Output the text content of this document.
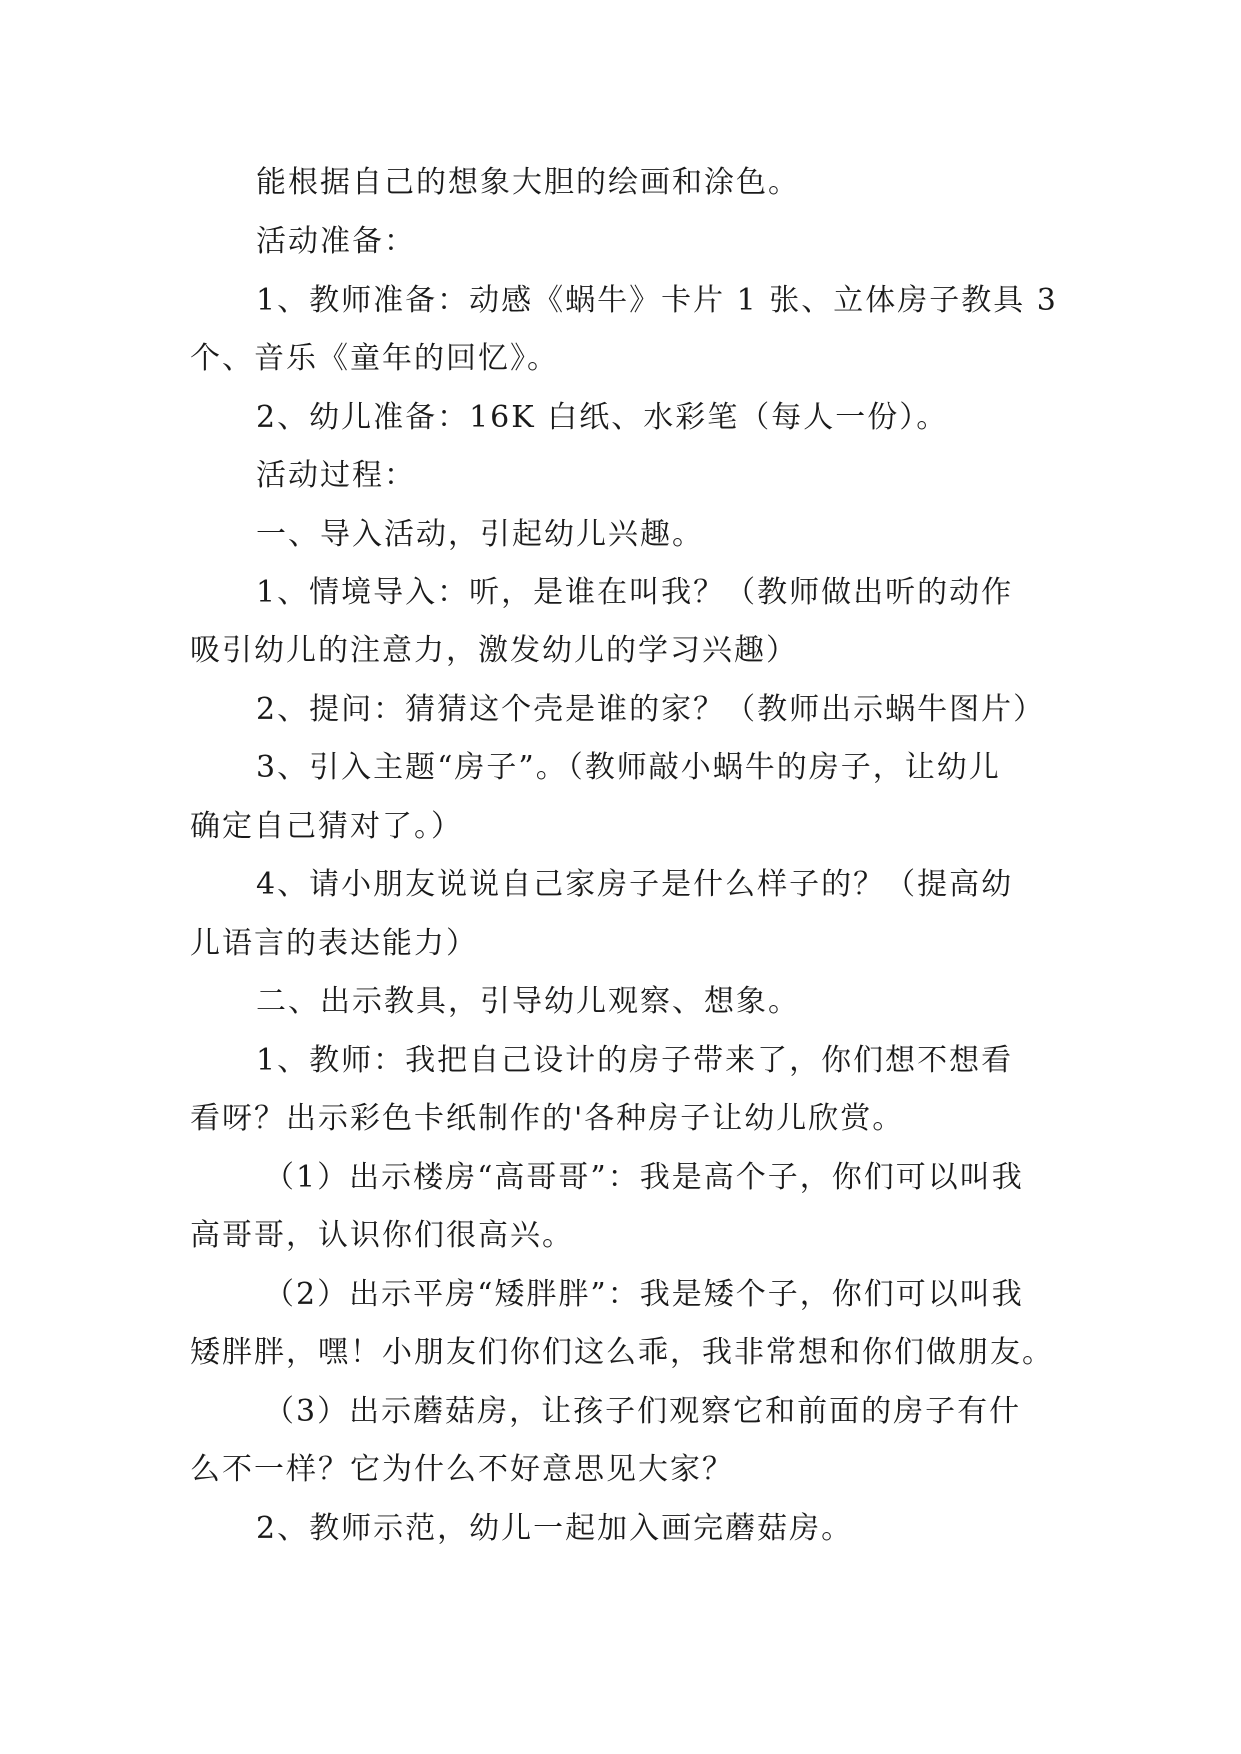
能根据自己的想象大胆的绘画和涂色。
活动准备：
1、教师准备：动感《蜗牛》卡片 1 张、立体房子教具 3
个、音乐《童年的回忆》。
2、幼儿准备：16K 白纸、水彩笔（每人一份）。
活动过程：
一、导入活动，引起幼儿兴趣。
1、情境导入：听，是谁在叫我？（教师做出听的动作
吸引幼儿的注意力，激发幼儿的学习兴趣）
2、提问：猜猜这个壳是谁的家？（教师出示蜗牛图片）
3、引入主题“房子”。（教师敲小蜗牛的房子，让幼儿
确定自己猜对了。）
4、请小朋友说说自己家房子是什么样子的？（提高幼
儿语言的表达能力）
二、出示教具，引导幼儿观察、想象。
1、教师：我把自己设计的房子带来了，你们想不想看
看呀？出示彩色卡纸制作的'各种房子让幼儿欣赏。
（1）出示楼房“高哥哥”：我是高个子，你们可以叫我
高哥哥，认识你们很高兴。
（2）出示平房“矮胖胖”：我是矮个子，你们可以叫我
矮胖胖，嘿！小朋友们你们这么乖，我非常想和你们做朋友。
（3）出示蘑菇房，让孩子们观察它和前面的房子有什
么不一样？它为什么不好意思见大家？
2、教师示范，幼儿一起加入画完蘑菇房。
